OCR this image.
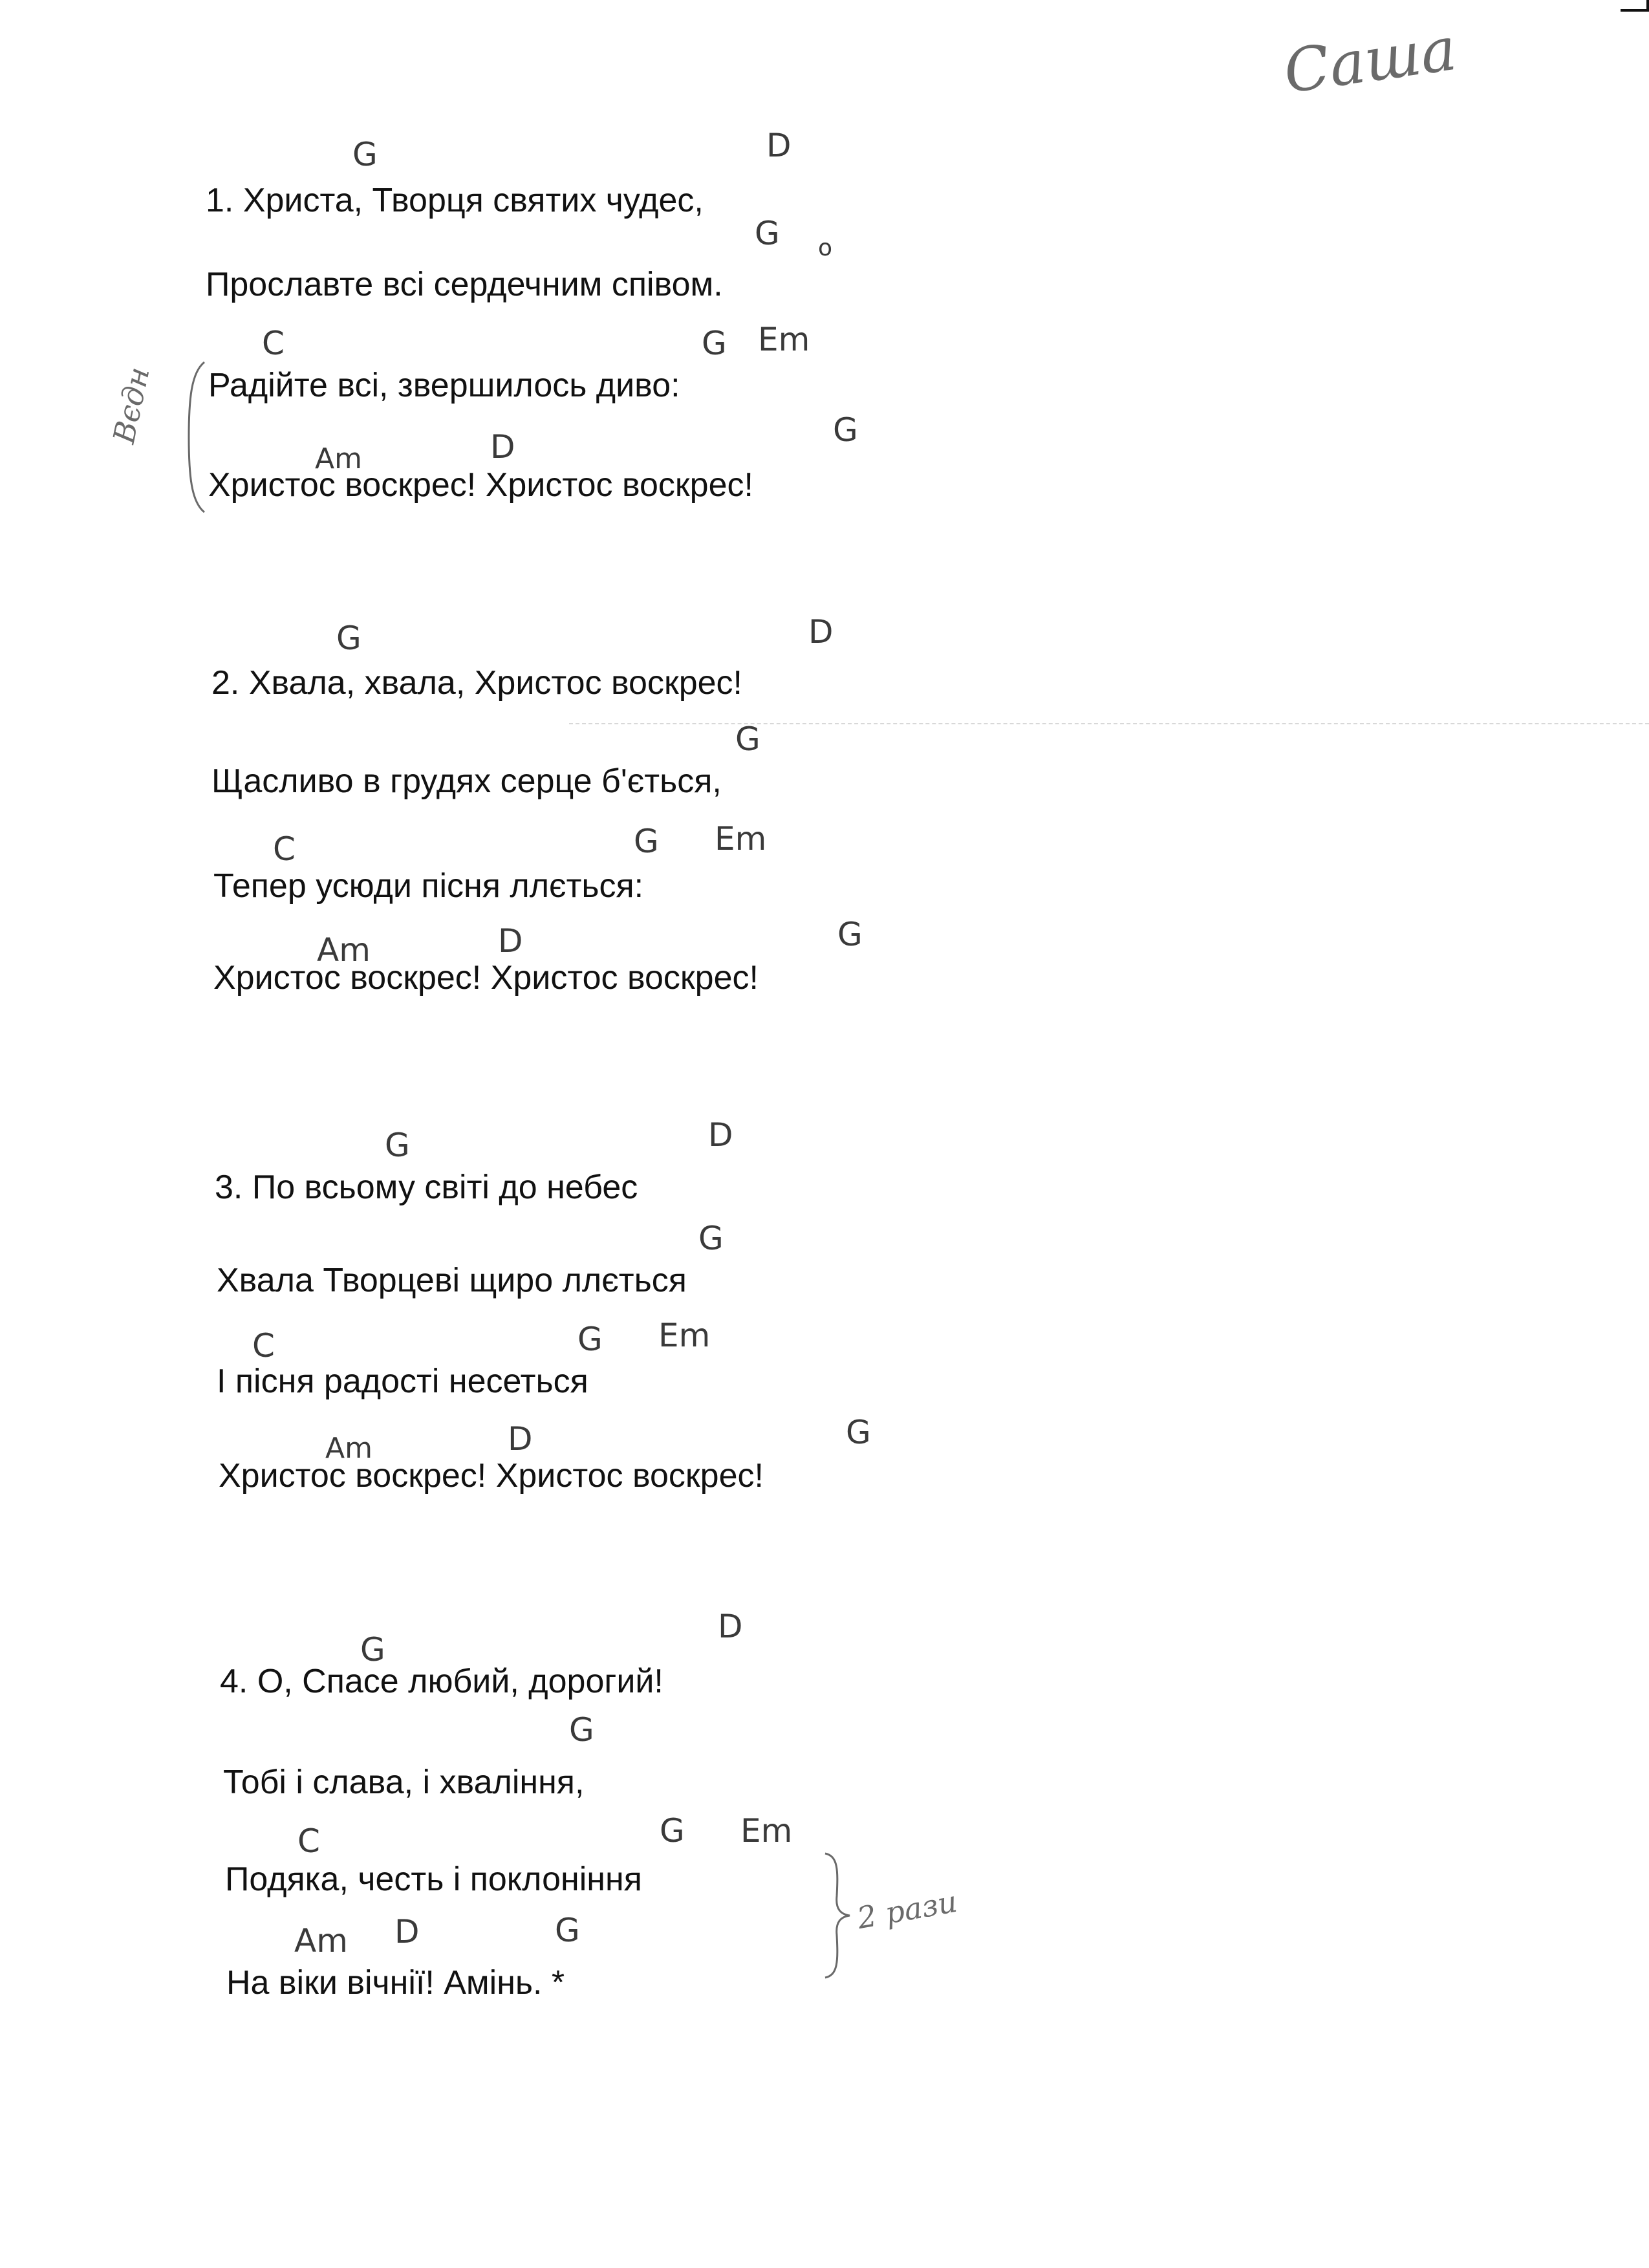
Саша
G	D
1. Христа, Творця святих чудес,
G o
Прославте всі сердечним співом.
C	G Em
Радійте всі, звершилось диво:
Am	D	G
Христос воскрес! Христос воскрес!
Вєдн
G	D
2. Хвала, хвала, Христос воскрес!
G
Щасливо в грудях серце б'ється,
C	G Em
Тепер усюди пісня ллється:
Am	D	G
Христос воскрес! Христос воскрес!
G	D
3. По всьому світі до небес
G
Хвала Творцеві щиро ллється
C	G Em
І пісня радості несеться
Am	D	G
Христос воскрес! Христос воскрес!
G
D
4. О, Спасе любий, дорогий!
G
Тобі і слава, і хваління,
C	G Em
Подяка, честь і поклоніння
Am D	G
На віки вічнії! Амінь. *
2 рази
